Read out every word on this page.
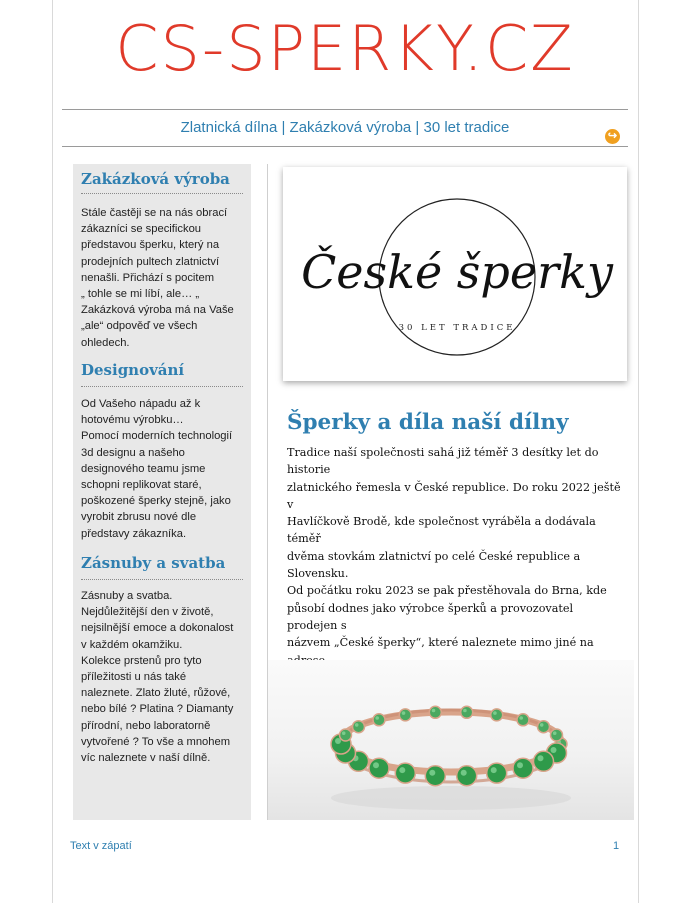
CS-SPERKY.CZ
Zlatnická dílna | Zakázková výroba | 30 let tradice	↪
Zakázková výroba
Stále častěji se na nás obrací
zákazníci se specifickou
představou šperku, který na
prodejních pultech zlatnictví
nenašli. Přichází s pocitem
„ tohle se mi líbí, ale… „
Zakázková výroba má na Vaše
„ale“ odpověď ve všech
ohledech.
Designování
Od Vašeho nápadu až k
hotovému výrobku…
Pomocí moderních technologií
3d designu a našeho
designového teamu jsme
schopni replikovat staré,
poškozené šperky stejně, jako
vyrobit zbrusu nové dle
představy zákazníka.
Zásnuby a svatba
Zásnuby a svatba.
Nejdůležitější den v životě,
nejsilnější emoce a dokonalost
v každém okamžiku.
Kolekce prstenů pro tyto
příležitosti u nás také
naleznete. Zlato žluté, růžové,
nebo bílé ? Platina ? Diamanty
přírodní, nebo laboratorně
vytvořené ? To vše a mnohem
víc naleznete v naší dílně.
České šperky
30 LET TRADICE
Šperky a díla naší dílny
Tradice naší společnosti sahá již téměř 3 desítky let do historie
zlatnického řemesla v České republice. Do roku 2022 ještě v
Havlíčkově Brodě, kde společnost vyráběla a dodávala téměř
dvěma stovkám zlatnictví po celé České republice a
Slovensku.
Od počátku roku 2023 se pak přestěhovala do Brna, kde
působí dodnes jako výrobce šperků a provozovatel prodejen s
názvem „České šperky“, které naleznete mimo jiné na
Text v zápatí	1
